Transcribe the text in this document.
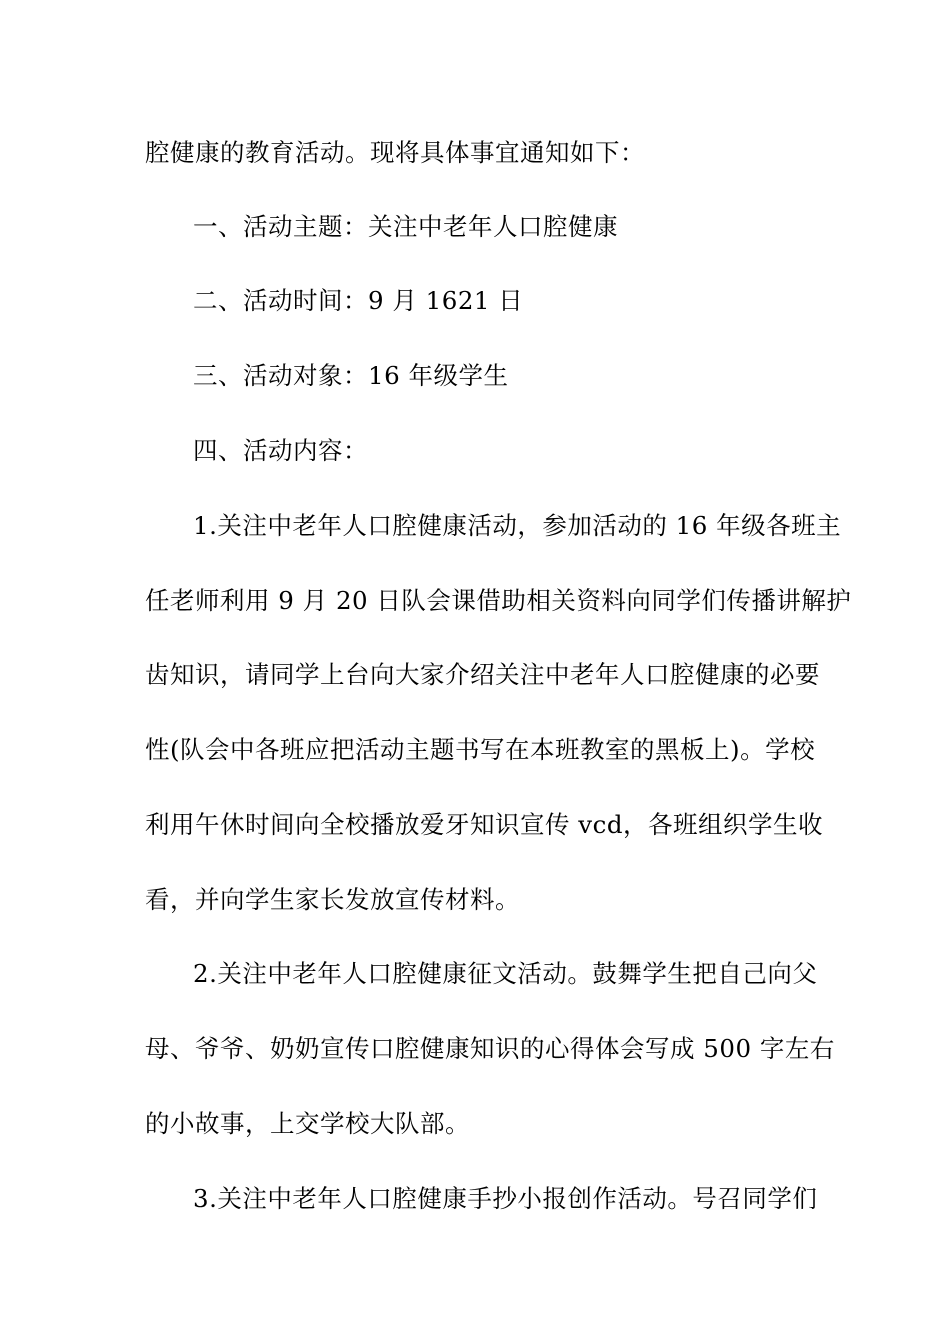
腔健康的教育活动。现将具体事宜通知如下：
一、活动主题：关注中老年人口腔健康
二、活动时间：9 月 1621 日
三、活动对象：16 年级学生
四、活动内容：
1.关注中老年人口腔健康活动，参加活动的 16 年级各班主
任老师利用 9 月 20 日队会课借助相关资料向同学们传播讲解护
齿知识，请同学上台向大家介绍关注中老年人口腔健康的必要
性(队会中各班应把活动主题书写在本班教室的黑板上)。学校
利用午休时间向全校播放爱牙知识宣传 vcd，各班组织学生收
看，并向学生家长发放宣传材料。
2.关注中老年人口腔健康征文活动。鼓舞学生把自己向父
母、爷爷、奶奶宣传口腔健康知识的心得体会写成 500 字左右
的小故事，上交学校大队部。
3.关注中老年人口腔健康手抄小报创作活动。号召同学们
